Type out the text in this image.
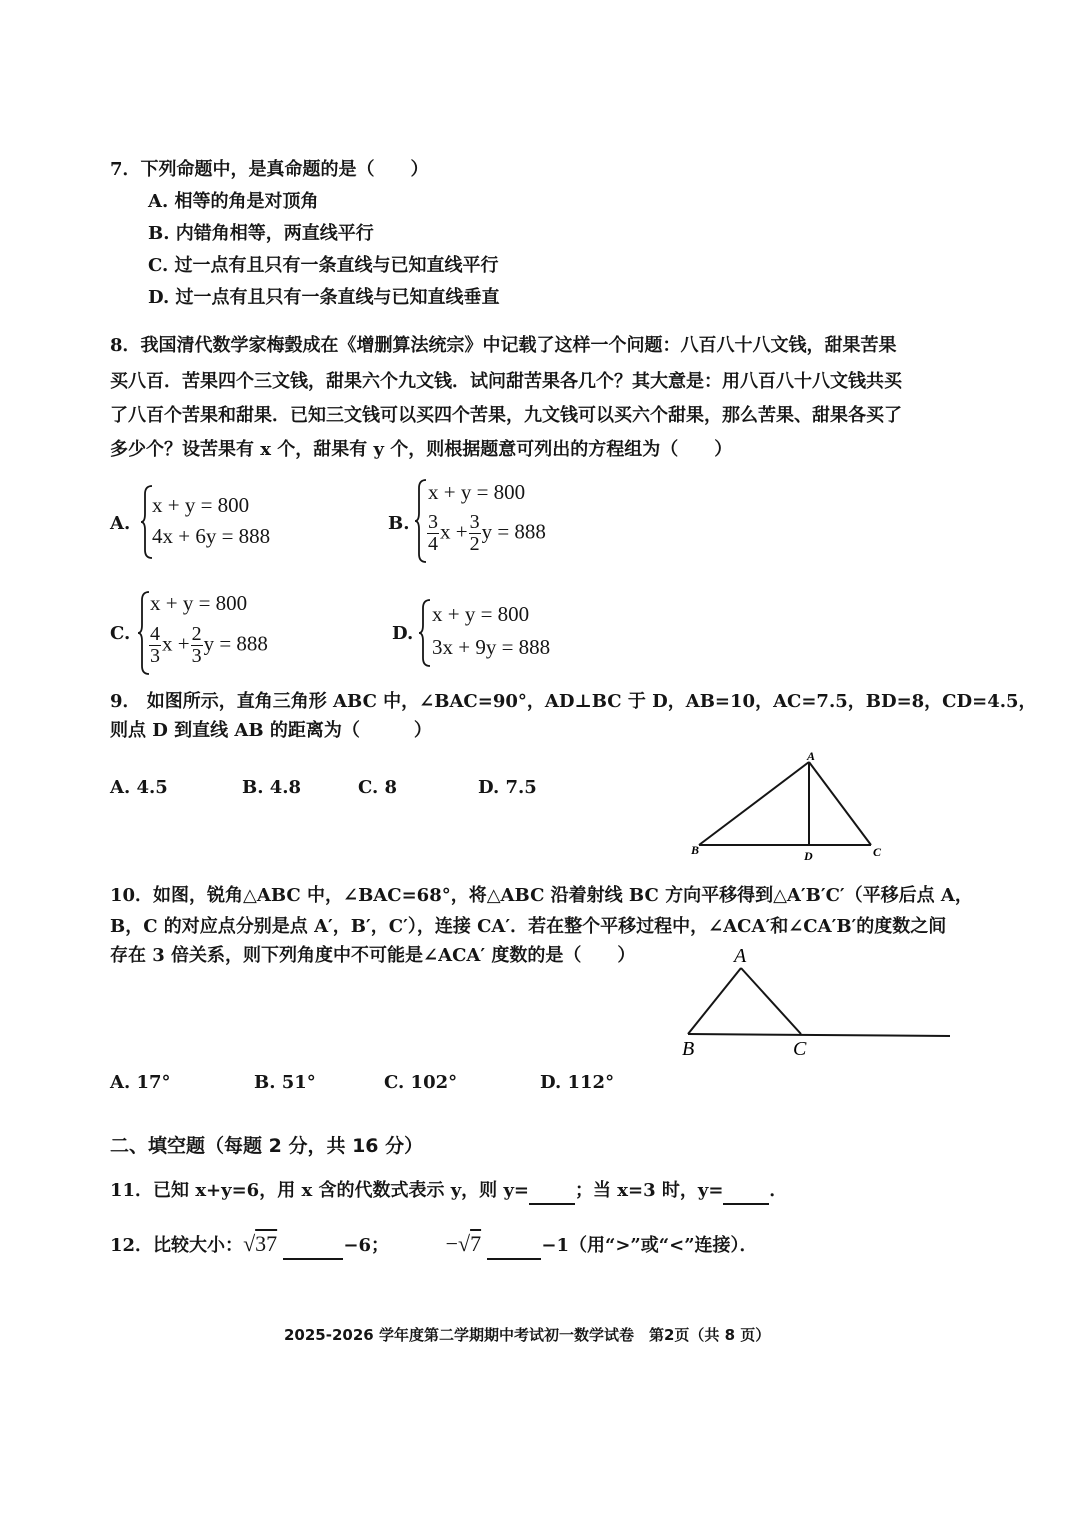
7．下列命题中，是真命题的是（　　）
A. 相等的角是对顶角
B. 内错角相等，两直线平行
C. 过一点有且只有一条直线与已知直线平行
D. 过一点有且只有一条直线与已知直线垂直
8．我国清代数学家梅瑴成在《增删算法统宗》中记载了这样一个问题：八百八十八文钱，甜果苦果
买八百．苦果四个三文钱，甜果六个九文钱．试问甜苦果各几个？其大意是：用八百八十八文钱共买
了八百个苦果和甜果．已知三文钱可以买四个苦果，九文钱可以买六个甜果，那么苦果、甜果各买了
多少个？设苦果有 x 个，甜果有 y 个，则根据题意可列出的方程组为（　　）
A.
x + y = 800
4x + 6y = 888
B.
x + y = 800
$\frac{3}{4}$ $x + \frac{3}{2}$ y = 888
C.
x + y = 800
$\frac{4}{3}$ $x + \frac{2}{3}$ y = 888	D.
x + y = 800
3x + 9y = 888
9． 如图所示，直角三角形 ABC 中，∠BAC=90°，AD⊥BC 于 D，AB=10，AC=7.5，BD=8，CD=4.5，
则点 D 到直线 AB 的距离为（　　　）
A. 4.5	B. 4.8	C. 8	D. 7.5
A
B	D	C
10．如图，锐角△ABC 中，∠BAC=68°，将△ABC 沿着射线 BC 方向平移得到△A′B′C′（平移后点 A，
B，C 的对应点分别是点 A′，B′，C′），连接 CA′．若在整个平移过程中，∠ACA′和∠CA′B′的度数之间
存在 3 倍关系，则下列角度中不可能是∠ACA′ 度数的是（　　）	A
B	C
A. 17°	B. 51°	C. 102°	D. 112°
二、填空题（每题 2 分，共 16 分）
11．已知 x+y=6，用 x 含的代数式表示 y，则 y=	；当 x=3 时，y=	．
12．比较大小：√37	−6；	−√7	−1（用“>”或“<”连接）．
2025-2026 学年度第二学期期中考试初一数学试卷　第2页（共 8 页）
